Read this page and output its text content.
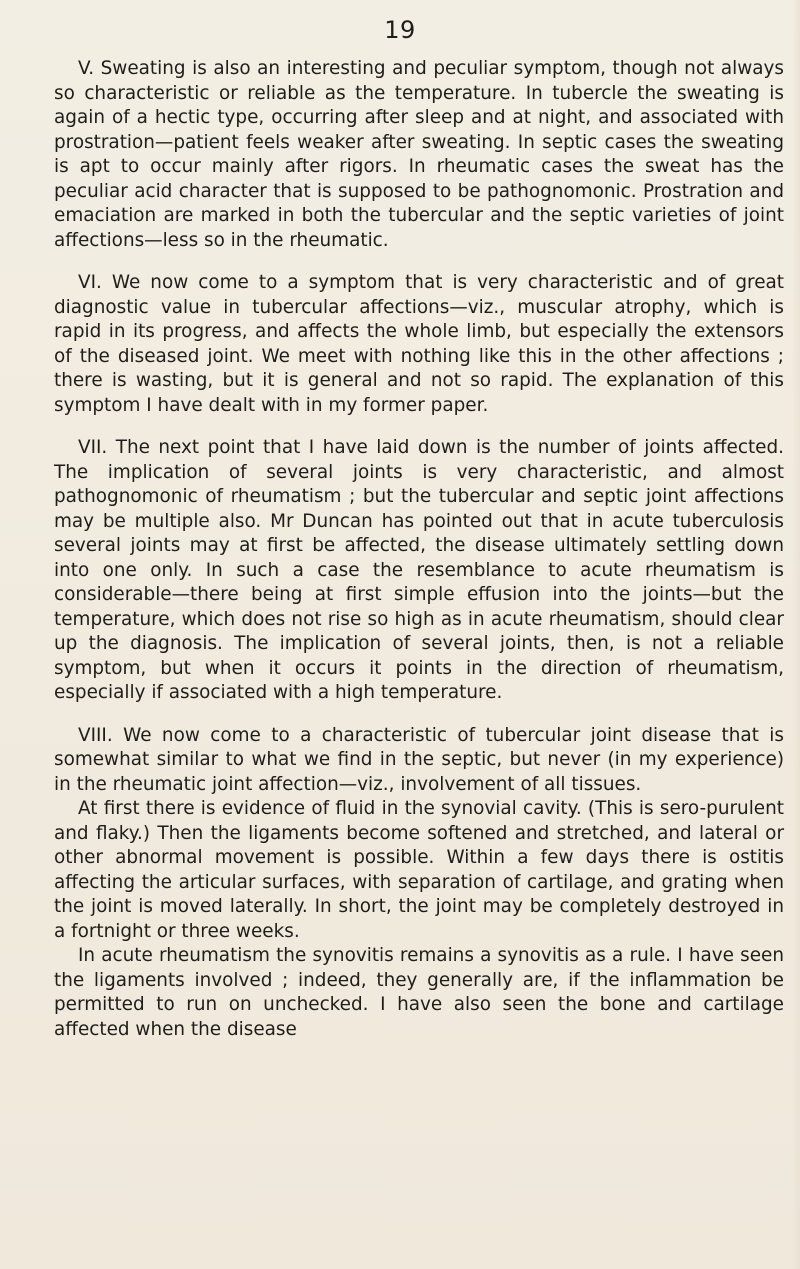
19

V. Sweating is also an interesting and peculiar symptom, though not always so characteristic or reliable as the temperature. In tubercle the sweating is again of a hectic type, occurring after sleep and at night, and associated with prostration—patient feels weaker after sweating. In septic cases the sweating is apt to occur mainly after rigors. In rheumatic cases the sweat has the peculiar acid character that is supposed to be pathognomonic. Prostration and emaciation are marked in both the tubercular and the septic varieties of joint affections—less so in the rheumatic.

VI. We now come to a symptom that is very characteristic and of great diagnostic value in tubercular affections—viz., muscular atrophy, which is rapid in its progress, and affects the whole limb, but especially the extensors of the diseased joint. We meet with nothing like this in the other affections ; there is wasting, but it is general and not so rapid. The explanation of this symptom I have dealt with in my former paper.

VII. The next point that I have laid down is the number of joints affected. The implication of several joints is very characteristic, and almost pathognomonic of rheumatism ; but the tubercular and septic joint affections may be multiple also. Mr Duncan has pointed out that in acute tuberculosis several joints may at first be affected, the disease ultimately settling down into one only. In such a case the resemblance to acute rheumatism is considerable—there being at first simple effusion into the joints—but the temperature, which does not rise so high as in acute rheumatism, should clear up the diagnosis. The implication of several joints, then, is not a reliable symptom, but when it occurs it points in the direction of rheumatism, especially if associated with a high temperature.

VIII. We now come to a characteristic of tubercular joint disease that is somewhat similar to what we find in the septic, but never (in my experience) in the rheumatic joint affection—viz., involvement of all tissues.

At first there is evidence of fluid in the synovial cavity. (This is sero-purulent and flaky.) Then the ligaments become softened and stretched, and lateral or other abnormal movement is possible. Within a few days there is ostitis affecting the articular surfaces, with separation of cartilage, and grating when the joint is moved laterally. In short, the joint may be completely destroyed in a fortnight or three weeks.

In acute rheumatism the synovitis remains a synovitis as a rule. I have seen the ligaments involved ; indeed, they generally are, if the inflammation be permitted to run on unchecked. I have also seen the bone and cartilage affected when the disease
